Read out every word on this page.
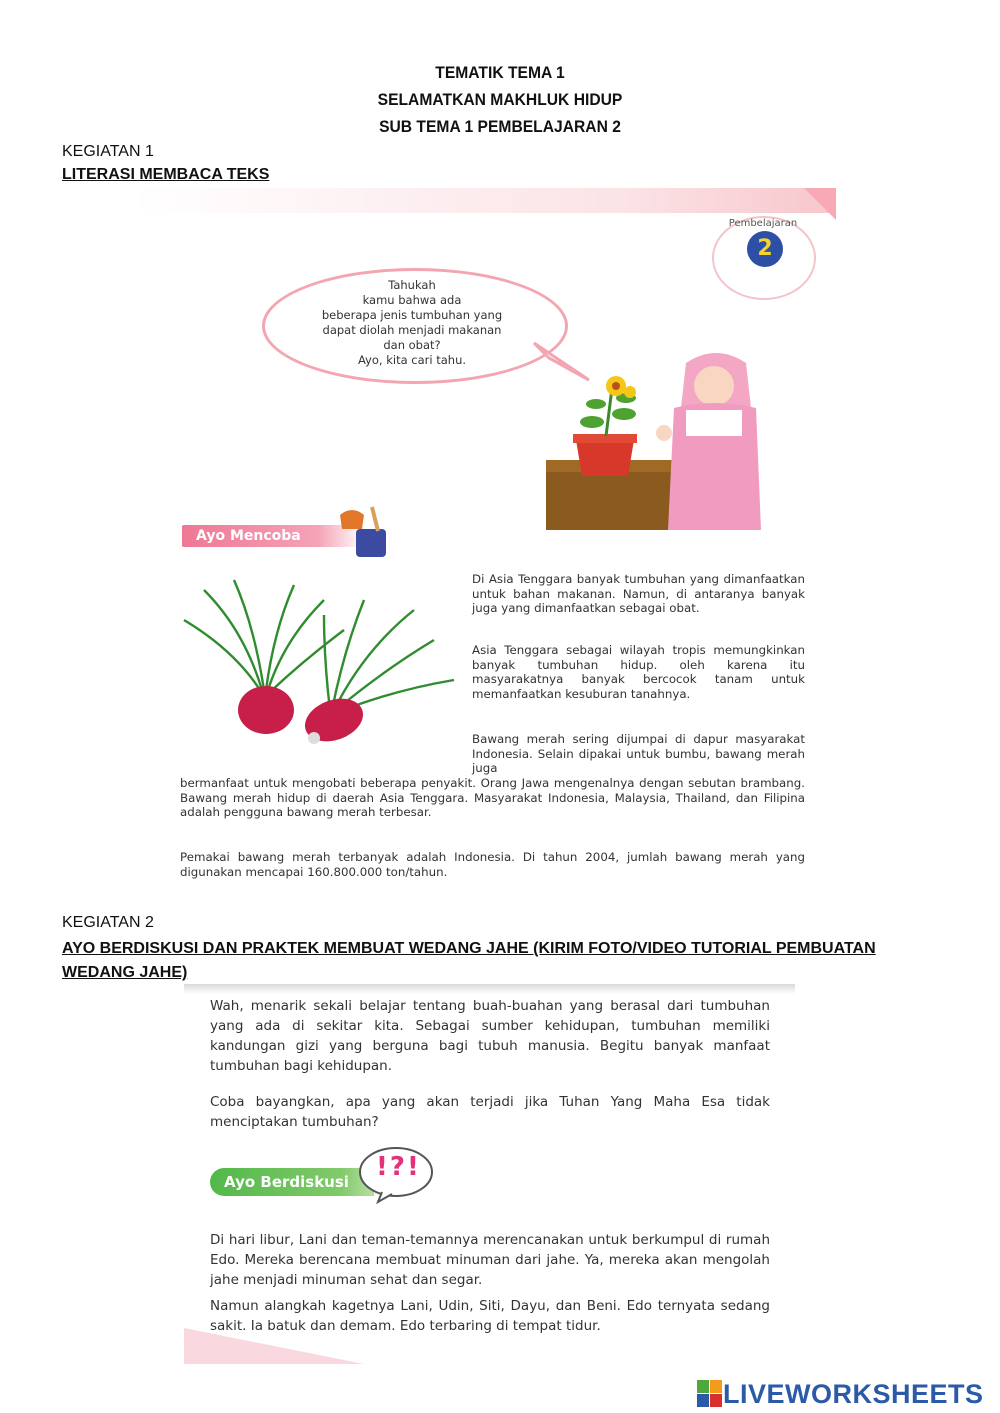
TEMATIK TEMA 1
SELAMATKAN MAKHLUK HIDUP
SUB TEMA 1 PEMBELAJARAN 2
KEGIATAN 1
LITERASI MEMBACA TEKS
Pembelajaran
2
Tahukah
kamu bahwa ada
beberapa jenis tumbuhan yang
dapat diolah menjadi makanan
dan obat?
Ayo, kita cari tahu.
Ayo Mencoba
Di Asia Tenggara banyak tumbuhan yang dimanfaatkan untuk bahan makanan. Namun, di antaranya banyak juga yang dimanfaatkan sebagai obat.
Asia Tenggara sebagai wilayah tropis memungkinkan banyak tumbuhan hidup. oleh karena itu masyarakatnya banyak bercocok tanam untuk memanfaatkan kesuburan tanahnya.
Bawang merah sering dijumpai di dapur masyarakat Indonesia. Selain dipakai untuk bumbu, bawang merah juga
bermanfaat untuk mengobati beberapa penyakit. Orang Jawa mengenalnya dengan sebutan brambang. Bawang merah hidup di daerah Asia Tenggara. Masyarakat Indonesia, Malaysia, Thailand, dan Filipina adalah pengguna bawang merah terbesar.
Pemakai bawang merah terbanyak adalah Indonesia. Di tahun 2004, jumlah bawang merah yang digunakan mencapai 160.800.000 ton/tahun.
KEGIATAN 2
AYO BERDISKUSI DAN PRAKTEK MEMBUAT WEDANG JAHE (KIRIM FOTO/VIDEO TUTORIAL PEMBUATAN WEDANG JAHE)
Wah, menarik sekali belajar tentang buah-buahan yang berasal dari tumbuhan yang ada di sekitar kita. Sebagai sumber kehidupan, tumbuhan memiliki kandungan gizi yang berguna bagi tubuh manusia. Begitu banyak manfaat tumbuhan bagi kehidupan.
Coba bayangkan, apa yang akan terjadi jika Tuhan Yang Maha Esa tidak menciptakan tumbuhan?
Ayo Berdiskusi	!?!
Di hari libur, Lani dan teman-temannya merencanakan untuk berkumpul di rumah Edo. Mereka berencana membuat minuman dari jahe. Ya, mereka akan mengolah jahe menjadi minuman sehat dan segar.
Namun alangkah kagetnya Lani, Udin, Siti, Dayu, dan Beni. Edo ternyata sedang sakit. Ia batuk dan demam. Edo terbaring di tempat tidur.
LIVEWORKSHEETS
